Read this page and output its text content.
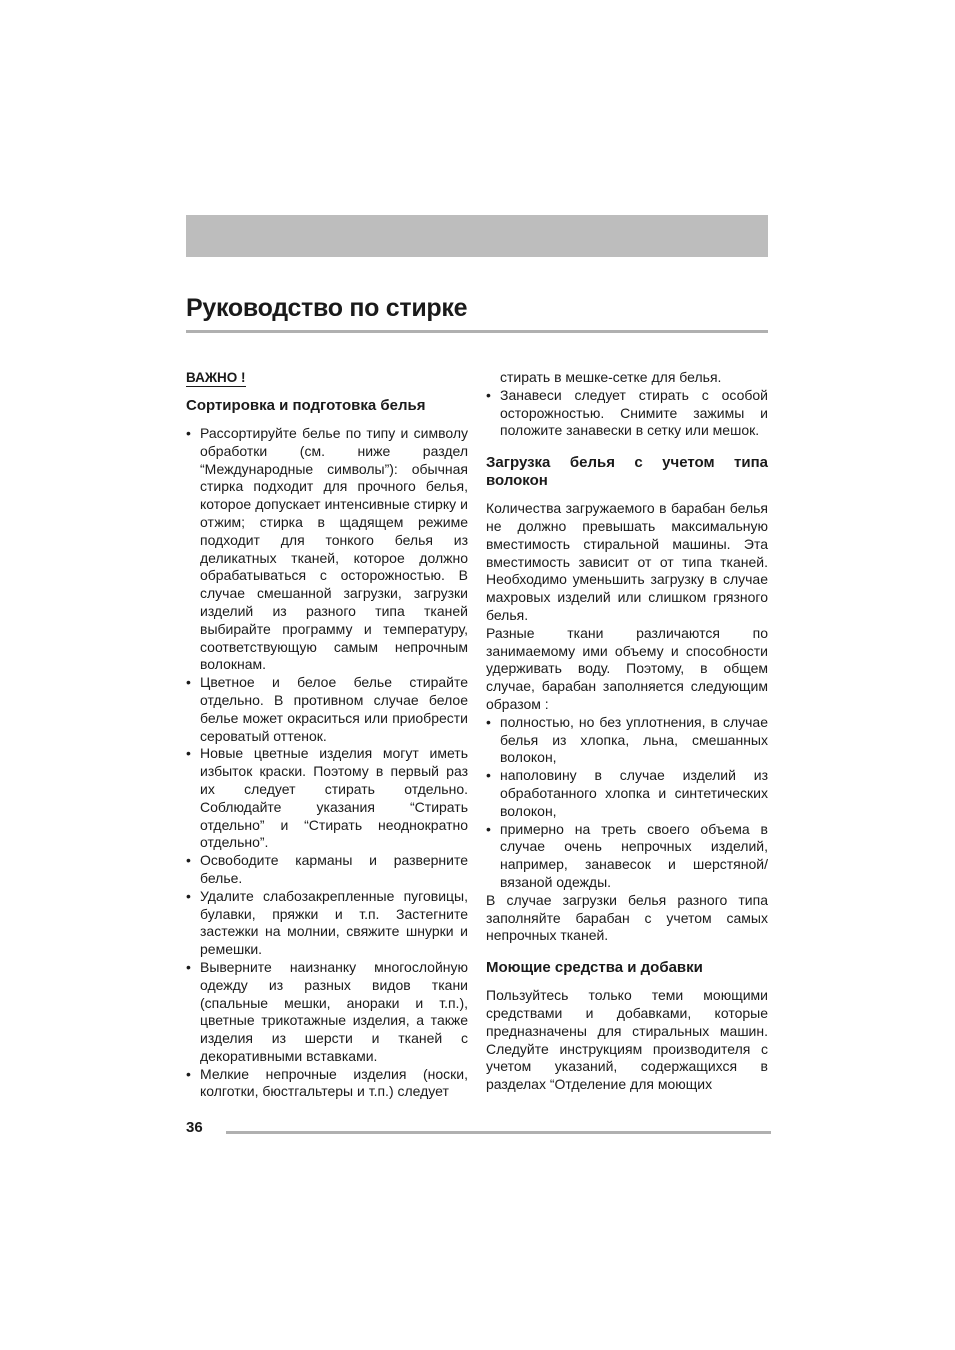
Руководство по стирке
ВАЖНО !
Сортировка и подготовка белья
• Рассортируйте белье по типу и символу обработки (см. ниже раздел “Международные символы”): обычная стирка подходит для прочного белья, которое допускает интенсивные стирку и отжим; стирка в щадящем режиме подходит для тонкого белья из деликатных тканей, которое должно обрабатываться с осторожностью. В случае смешанной загрузки, загрузки изделий из разного типа тканей выбирайте программу и температуру, соответствующую самым непрочным волокнам.
• Цветное и белое белье стирайте отдельно. В противном случае белое белье может окраситься или приобрести сероватый оттенок.
• Новые цветные изделия могут иметь избыток краски. Поэтому в первый раз их следует стирать отдельно. Соблюдайте указания “Стирать отдельно” и “Стирать неоднократно отдельно”.
• Освободите карманы и разверните белье.
• Удалите слабозакрепленные пуговицы, булавки, пряжки и т.п. Застегните застежки на молнии, свяжите шнурки и ремешки.
• Выверните наизнанку многослойную одежду из разных видов ткани (спальные мешки, анораки и т.п.), цветные трикотажные изделия, а также изделия из шерсти и тканей с декоративными вставками.
• Мелкие непрочные изделия (носки, колготки, бюстгальтеры и т.п.) следует
стирать в мешке-сетке для белья.
• Занавеси следует стирать с особой осторожностью. Снимите зажимы и положите занавески в сетку или мешок.
Загрузка белья с учетом типа волокон

Количества загружаемого в барабан белья не должно превышать максимальную вместимость стиральной машины. Эта вместимость зависит от от типа тканей. Необходимо уменьшить загрузку в случае махровых изделий или слишком грязного белья.

Разные ткани различаются по занимаемому ими объему и способности удерживать воду. Поэтому, в общем случае, барабан заполняется следующим образом :

• полностью, но без уплотнения, в случае белья из хлопка, льна, смешанных волокон,
• наполовину в случае изделий из обработанного хлопка и синтетических волокон,
• примерно на треть своего объема в случае очень непрочных изделий, например, занавесок и шерстяной/ вязаной одежды.

В случае загрузки белья разного типа заполняйте барабан с учетом самых непрочных тканей.

Моющие средства и добавки

Пользуйтесь только теми моющими средствами и добавками, которые предназначены для стиральных машин. Следуйте инструкциям производителя с учетом указаний, содержащихся в разделах “Отделение для моющих

36
